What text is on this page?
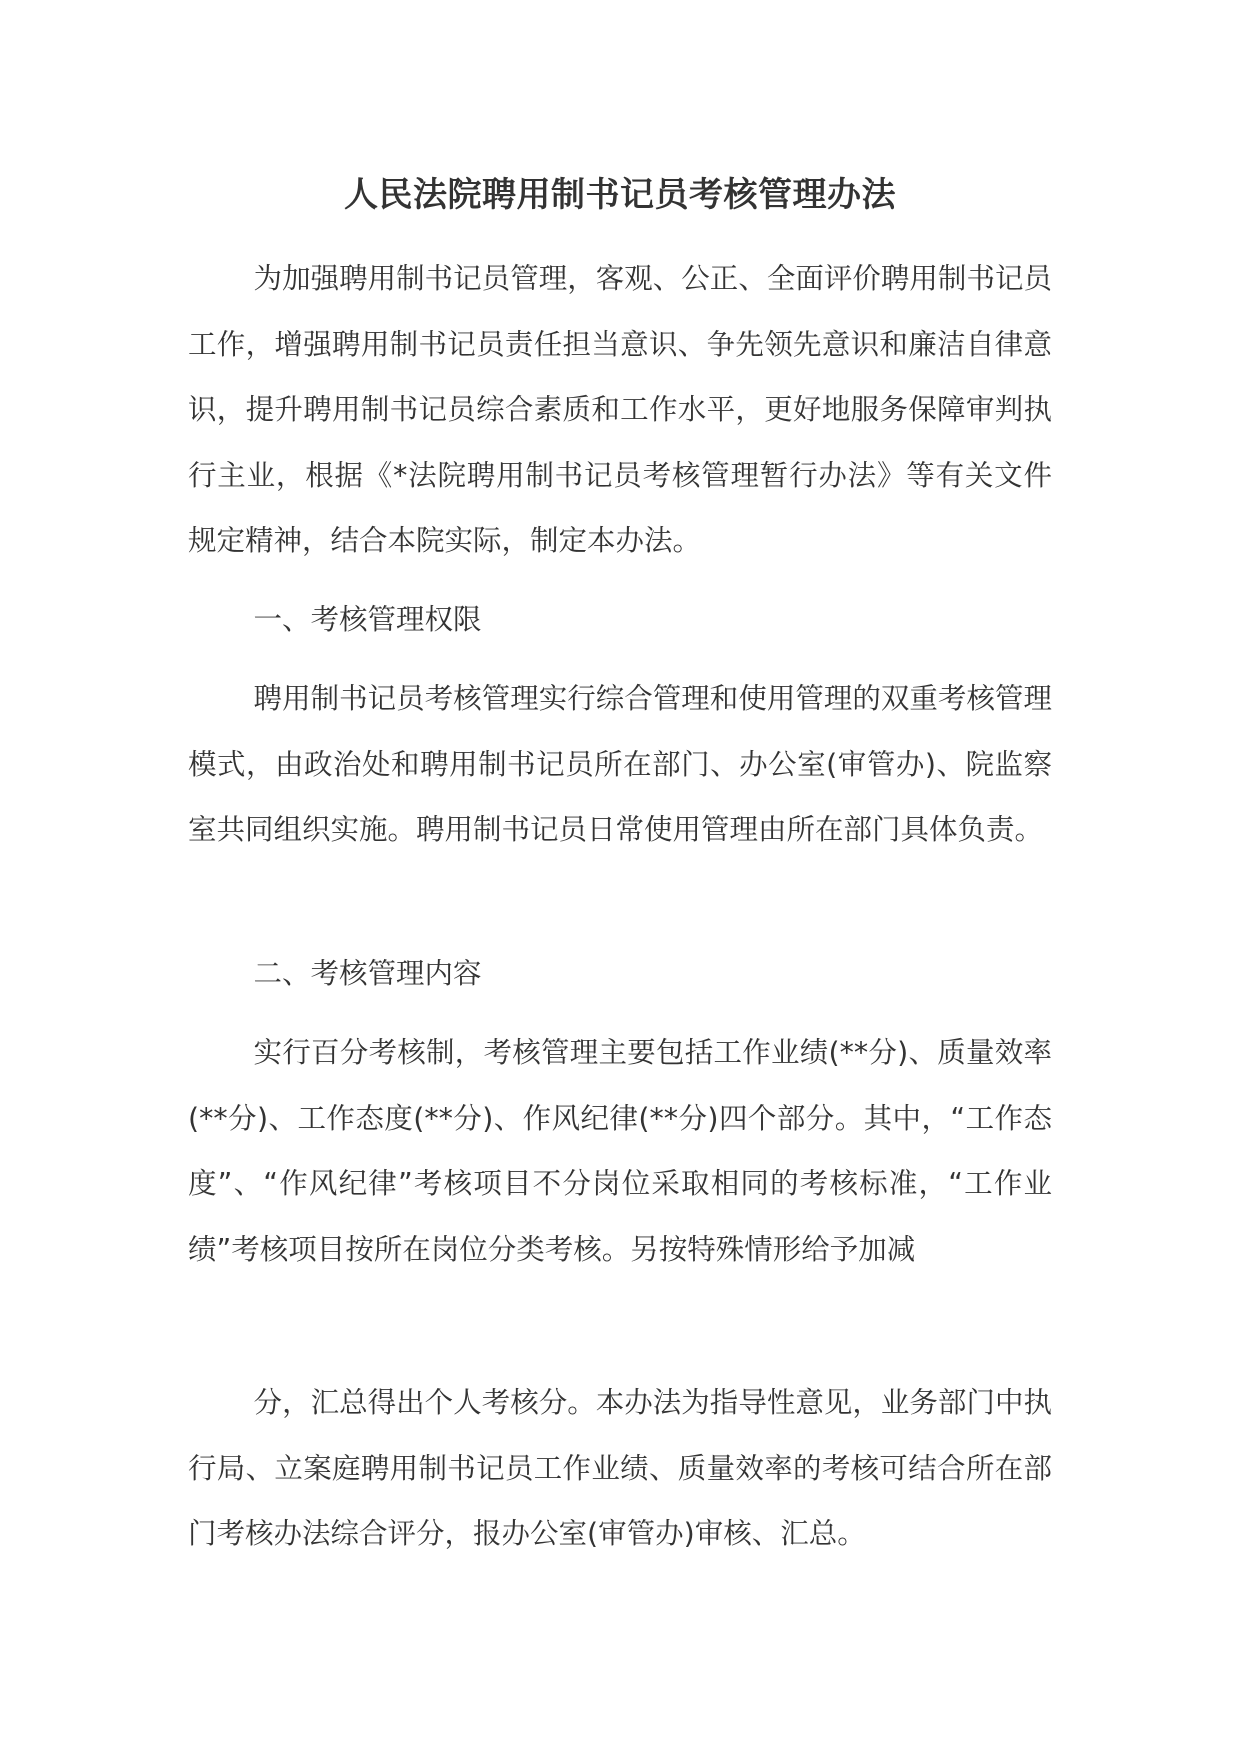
人民法院聘用制书记员考核管理办法

为加强聘用制书记员管理，客观、公正、全面评价聘用制书记员工作，增强聘用制书记员责任担当意识、争先领先意识和廉洁自律意识，提升聘用制书记员综合素质和工作水平，更好地服务保障审判执行主业，根据《*法院聘用制书记员考核管理暂行办法》等有关文件规定精神，结合本院实际，制定本办法。

一、考核管理权限

聘用制书记员考核管理实行综合管理和使用管理的双重考核管理模式，由政治处和聘用制书记员所在部门、办公室(审管办)、院监察室共同组织实施。聘用制书记员日常使用管理由所在部门具体负责。

二、考核管理内容

实行百分考核制，考核管理主要包括工作业绩(**分)、质量效率(**分)、工作态度(**分)、作风纪律(**分)四个部分。其中，“工作态度”、“作风纪律”考核项目不分岗位采取相同的考核标准，“工作业绩”考核项目按所在岗位分类考核。另按特殊情形给予加减

分，汇总得出个人考核分。本办法为指导性意见，业务部门中执行局、立案庭聘用制书记员工作业绩、质量效率的考核可结合所在部门考核办法综合评分，报办公室(审管办)审核、汇总。
